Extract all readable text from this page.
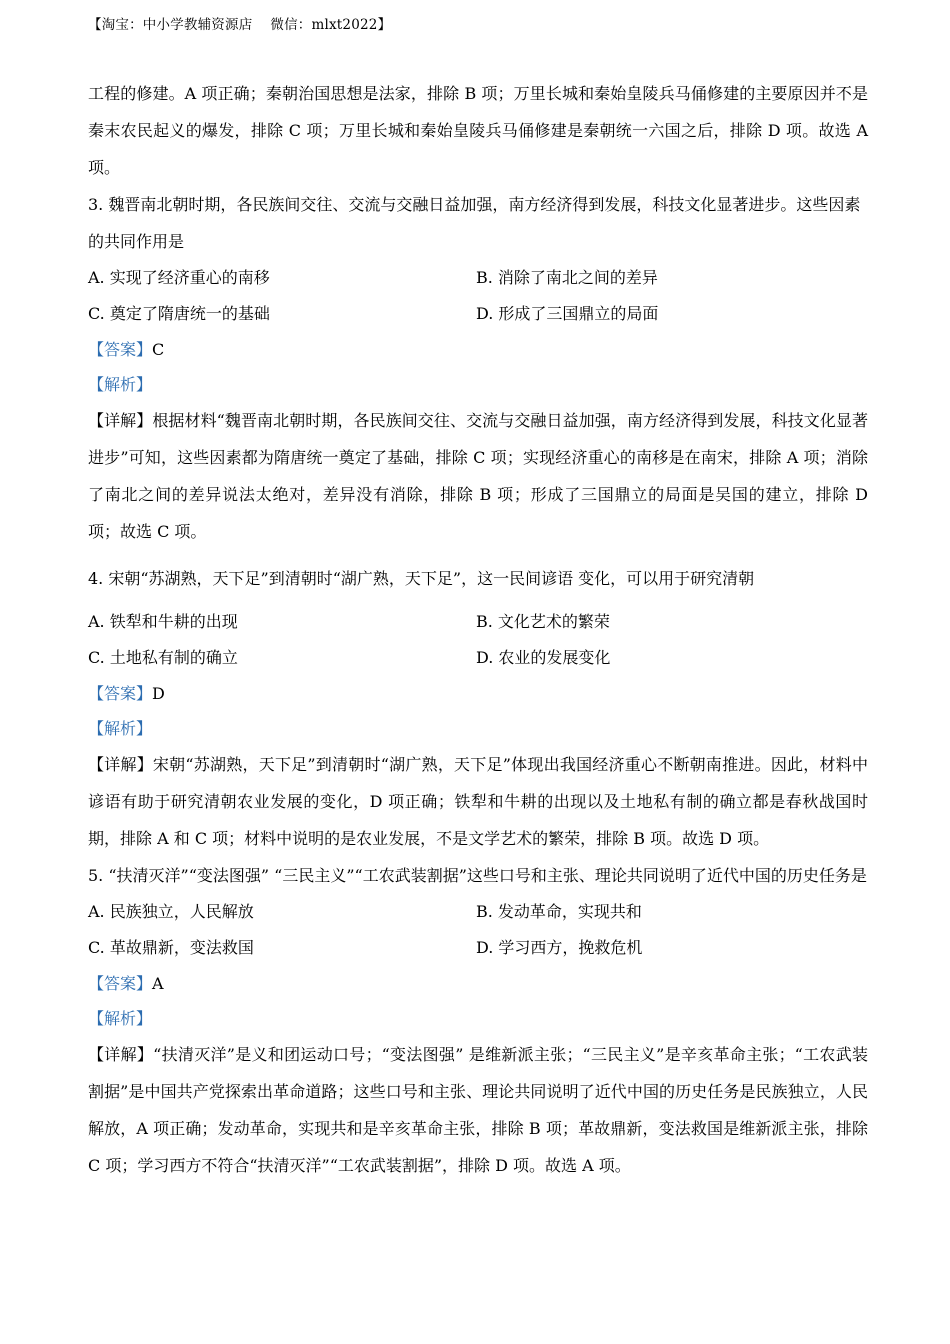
【淘宝：中小学教辅资源店    微信：mlxt2022】

工程的修建。A 项正确；秦朝治国思想是法家，排除 B 项；万里长城和秦始皇陵兵马俑修建的主要原因并不是秦末农民起义的爆发，排除 C 项；万里长城和秦始皇陵兵马俑修建是秦朝统一六国之后，排除 D 项。故选 A 项。

3. 魏晋南北朝时期，各民族间交往、交流与交融日益加强，南方经济得到发展，科技文化显著进步。这些因素的共同作用是

A. 实现了经济重心的南移	B. 消除了南北之间的差异
C. 奠定了隋唐统一的基础	D. 形成了三国鼎立的局面

【答案】C

【解析】

【详解】根据材料“魏晋南北朝时期，各民族间交往、交流与交融日益加强，南方经济得到发展，科技文化显著进步”可知，这些因素都为隋唐统一奠定了基础，排除 C 项；实现经济重心的南移是在南宋，排除 A 项；消除了南北之间的差异说法太绝对，差异没有消除，排除 B 项；形成了三国鼎立的局面是吴国的建立，排除 D 项；故选 C 项。

4. 宋朝“苏湖熟，天下足”到清朝时“湖广熟，天下足”，这一民间谚语 变化，可以用于研究清朝

A. 铁犁和牛耕的出现	B. 文化艺术的繁荣
C. 土地私有制的确立	D. 农业的发展变化

【答案】D

【解析】

【详解】宋朝“苏湖熟，天下足”到清朝时“湖广熟，天下足”体现出我国经济重心不断朝南推进。因此，材料中谚语有助于研究清朝农业发展的变化，D 项正确；铁犁和牛耕的出现以及土地私有制的确立都是春秋战国时期，排除 A 和 C 项；材料中说明的是农业发展，不是文学艺术的繁荣，排除 B 项。故选 D 项。

5. “扶清灭洋”“变法图强” “三民主义”“工农武装割据”这些口号和主张、理论共同说明了近代中国的历史任务是

A. 民族独立，人民解放	B. 发动革命，实现共和
C. 革故鼎新，变法救国	D. 学习西方，挽救危机

【答案】A

【解析】

【详解】“扶清灭洋”是义和团运动口号；“变法图强” 是维新派主张；“三民主义”是辛亥革命主张；“工农武装割据”是中国共产党探索出革命道路；这些口号和主张、理论共同说明了近代中国的历史任务是民族独立，人民解放，A 项正确；发动革命，实现共和是辛亥革命主张，排除 B 项；革故鼎新，变法救国是维新派主张，排除 C 项；学习西方不符合“扶清灭洋”“工农武装割据”，排除 D 项。故选 A 项。
